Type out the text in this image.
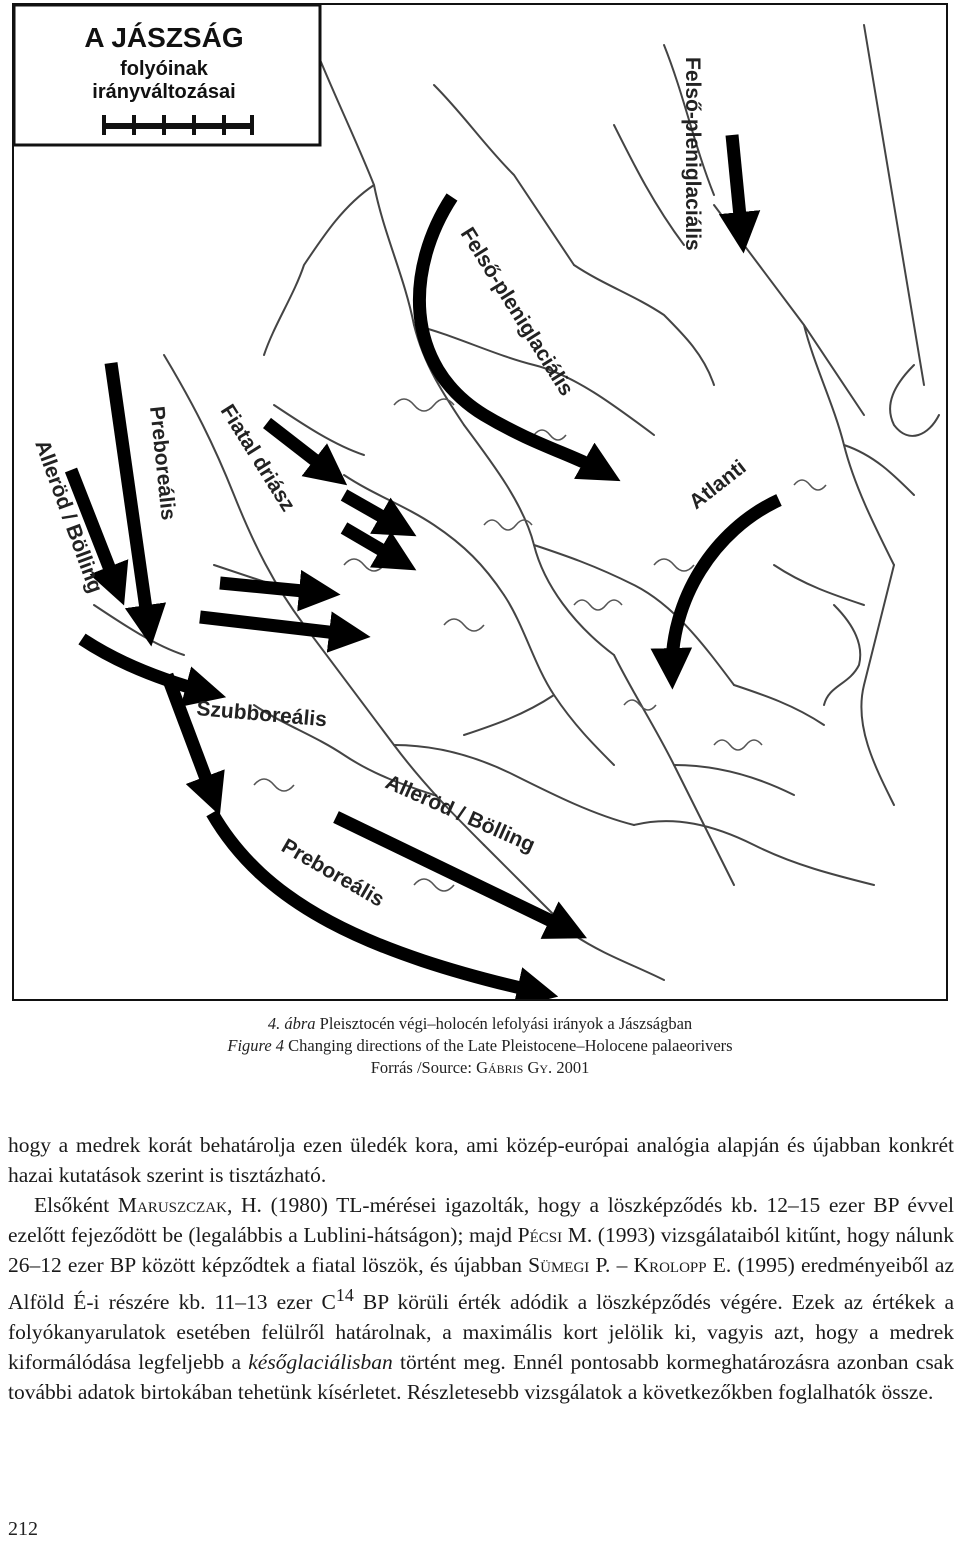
A JÁSZSÁG
folyóinak
irányváltozásai	Felső-pleniglaciális
Felső-pleniglaciális
Atlanti
Fiatal driász
Preboreális
Alleröd / Bölling
Szubboreális
Alleröd / Bölling
Preboreális
4. ábra Pleisztocén végi–holocén lefolyási irányok a Jászságban
Figure 4 Changing directions of the Late Pleistocene–Holocene palaeorivers
Forrás /Source: Gábris Gy. 2001

hogy a medrek korát behatárolja ezen üledék kora, ami közép-európai analógia alapján és újabban konkrét hazai kutatások szerint is tisztázható.

Elsőként Maruszczak, H. (1980) TL-mérései igazolták, hogy a löszképződés kb. 12–15 ezer BP évvel ezelőtt fejeződött be (legalábbis a Lublini-hátságon); majd Pécsi M. (1993) vizsgálataiból kitűnt, hogy nálunk 26–12 ezer BP között képződtek a fiatal löszök, és újabban Sümegi P. – Krolopp E. (1995) eredményeiből az Alföld É-i részére kb. 11–13 ezer $C^{14}$ BP körüli érték adódik a löszképződés végére. Ezek az értékek a folyókanyarulatok esetében felülről határolnak, a maximális kort jelölik ki, vagyis azt, hogy a medrek kiformálódása legfeljebb a későglaciálisban történt meg. Ennél pontosabb kormeghatározásra azonban csak további adatok birtokában tehetünk kísérletet. Részletesebb vizsgálatok a következőkben foglalhatók össze.

212
